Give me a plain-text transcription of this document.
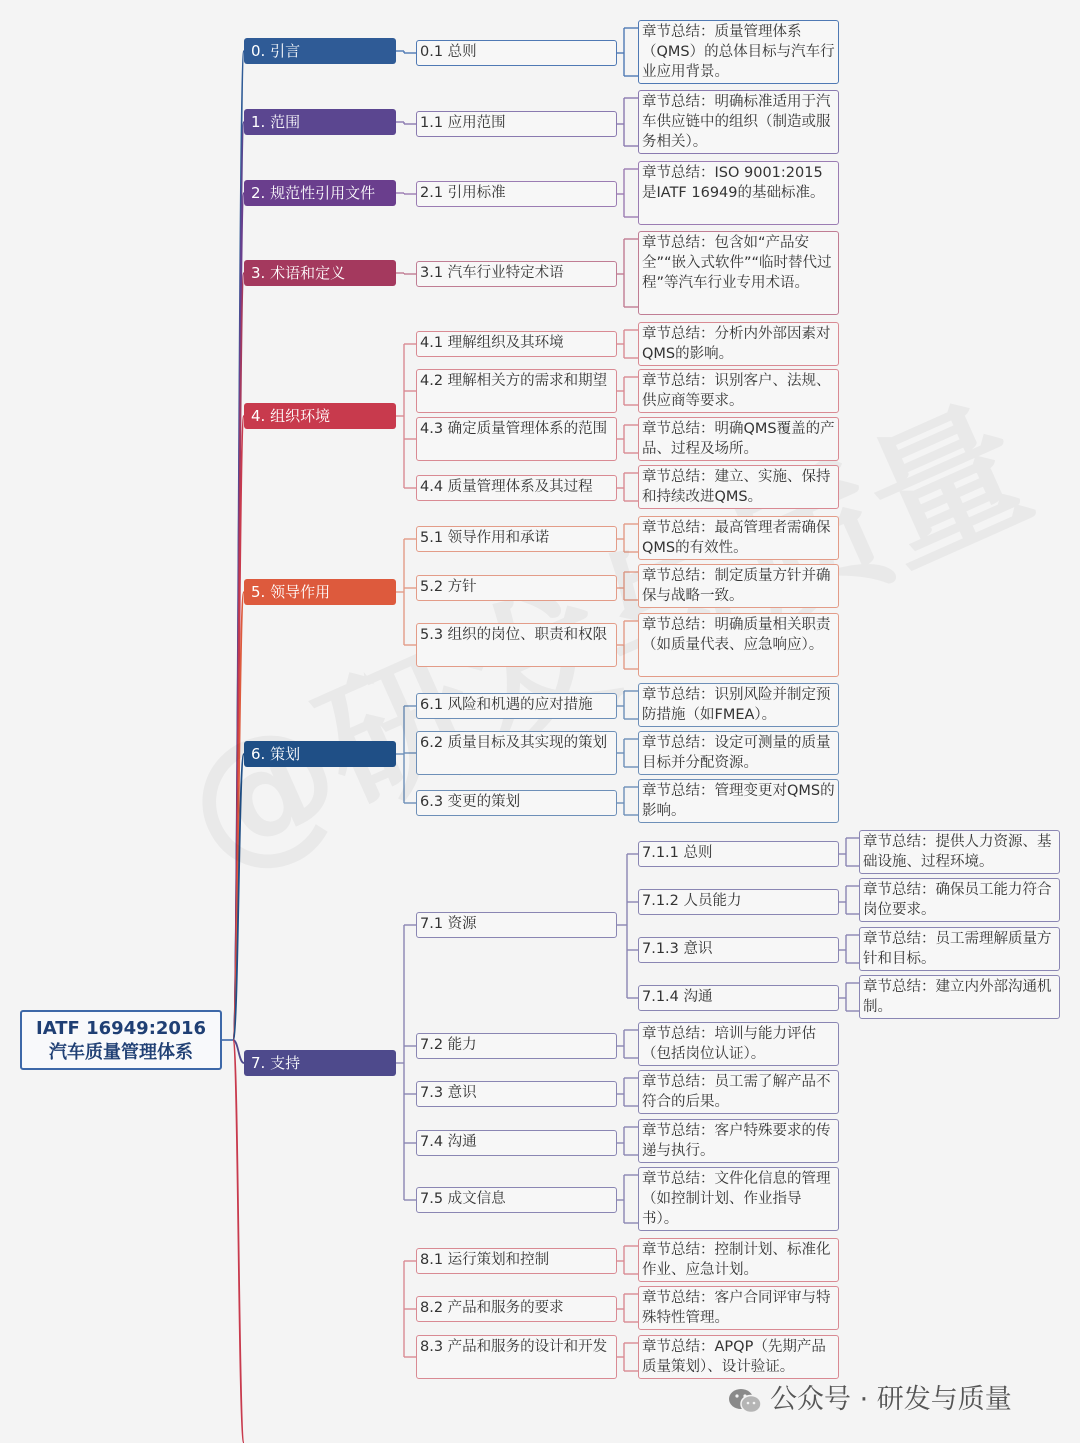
IATF 16949:2016
汽车质量管理体系
0. 引言	0.1 总则
章节总结：质量管理体系（QMS）的总体目标与汽车行业应用背景。
1. 范围	1.1 应用范围
章节总结：明确标准适用于汽车供应链中的组织（制造或服务相关）。
2. 规范性引用文件	2.1 引用标准
章节总结：ISO 9001:2015是IATF 16949的基础标准。
3. 术语和定义	3.1 汽车行业特定术语
章节总结：包含如“产品安全”“嵌入式软件”“临时替代过程”等汽车行业专用术语。
4. 组织环境
4.1 理解组织及其环境
章节总结：分析内外部因素对QMS的影响。
4.2 理解相关方的需求和期望	章节总结：识别客户、法规、供应商等要求。
4.3 确定质量管理体系的范围	章节总结：明确QMS覆盖的产品、过程及场所。
4.4 质量管理体系及其过程
章节总结：建立、实施、保持和持续改进QMS。
5. 领导作用
5.1 领导作用和承诺
章节总结：最高管理者需确保QMS的有效性。
5.2 方针
章节总结：制定质量方针并确保与战略一致。
5.3 组织的岗位、职责和权限
章节总结：明确质量相关职责（如质量代表、应急响应）。
6. 策划
6.1 风险和机遇的应对措施
章节总结：识别风险并制定预防措施（如FMEA）。
6.2 质量目标及其实现的策划	章节总结：设定可测量的质量目标并分配资源。
6.3 变更的策划
章节总结：管理变更对QMS的影响。
7. 支持
7.1 资源
7.1.1 总则
章节总结：提供人力资源、基础设施、过程环境。
7.1.2 人员能力
章节总结：确保员工能力符合岗位要求。
7.1.3 意识
章节总结：员工需理解质量方针和目标。
7.1.4 沟通
章节总结：建立内外部沟通机制。
7.2 能力
章节总结：培训与能力评估（包括岗位认证）。
7.3 意识
章节总结：员工需了解产品不符合的后果。
7.4 沟通
章节总结：客户特殊要求的传递与执行。
7.5 成文信息
章节总结：文件化信息的管理（如控制计划、作业指导书）。
8.1 运行策划和控制
章节总结：控制计划、标准化作业、应急计划。
8.2 产品和服务的要求
章节总结：客户合同评审与特殊特性管理。
8.3 产品和服务的设计和开发	章节总结：APQP（先期产品质量策划）、设计验证。
公众号 · 研发与质量
